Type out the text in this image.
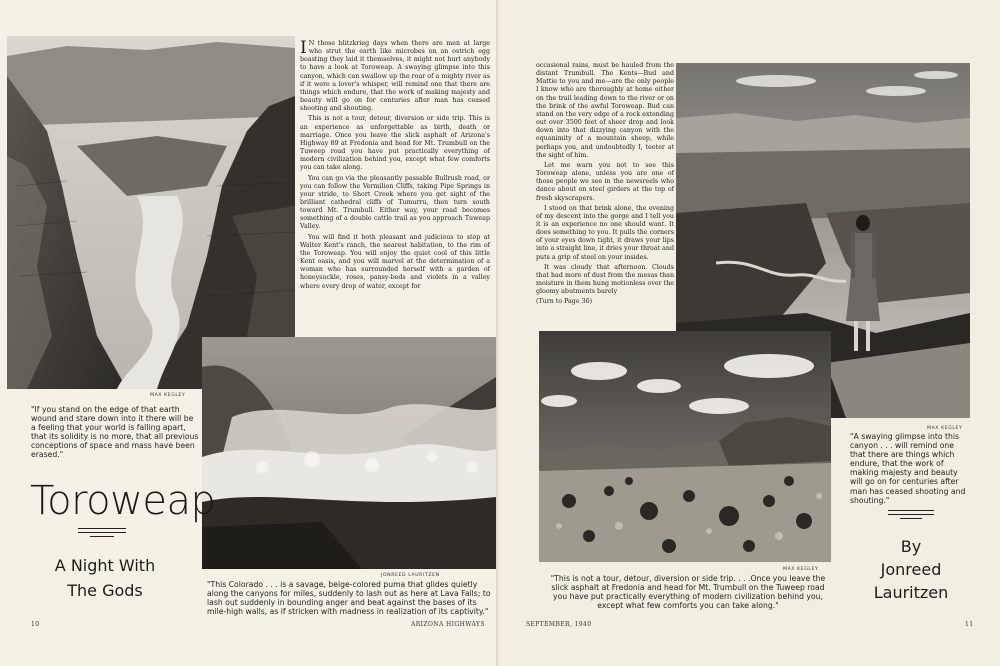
I N those blitzkrieg days when there are men at large who strut the earth like microbes on an ostrich egg boasting they laid it themselves, it might not hurt anybody to have a look at Toroweap. A swaying glimpse into this canyon, which can swallow up the roar of a mighty river as if it were a lover's whisper, will remind one that there are things which endure, that the work of making majesty and beauty will go on for centuries after man has ceased shooting and shouting.

This is not a tour, detour, diversion or side trip. This is an experience as unforgettable as birth, death or marriage. Once you leave the slick asphalt of Arizona's Highway 89 at Fredonia and head for Mt. Trumbull on the Tuweep road you have put practically everything of modern civilization behind you, except what few comforts you can take along.

You can go via the pleasantly passable Bullrush road, or you can follow the Vermilion Cliffs, taking Pipe Springs in your stride, to Short Creek where you get sight of the brilliant cathedral cliffs of Tumurru, then turn south toward Mt. Trumbull. Either way, your road becomes something of a double cattle trail as you approach Tuweap Valley.

You will find it both pleasant and judicious to stop at Walter Kent's ranch, the nearest habitation, to the rim of the Toroweap. You will enjoy the quiet cool of this little Kent oasis, and you will marvel at the determination of a woman who has surrounded herself with a garden of honeysuckle, roses, pansy-beds and violets in a valley where every drop of water, except for

MAX KEGLEY
"If you stand on the edge of that earth wound and stare down into it there will be a feeling that your world is falling apart, that its solidity is no more, that all previous conceptions of space and mass have been erased."
Toroweap
A Night With
The Gods
JONREED LAURITZEN
"This Colorado . . . is a savage, beige-colored puma that glides quietly along the canyons for miles, suddenly to lash out as here at Lava Falls; to lash out suddenly in bounding anger and beat against the bases of its mile-high walls, as if stricken with madness in realization of its captivity."
10	ARIZONA HIGHWAYS

occasional rains, must be hauled from the distant Trumbull. The Kents—Bud and Mattie to you and me—are the only people I know who are thoroughly at home either on the trail leading down to the river or on the brink of the awful Toroweap. Bud can stand on the very edge of a rock extending out over 3500 feet of sheer drop and look down into that dizzying canyon with the equanimity of a mountain sheep, while perhaps you, and undoubtedly I, teeter at the sight of him.

Let me warn you not to see this Toroweap alone, unless you are one of those people we see in the newsreels who dance about on steel girders at the top of fresh skyscrapers.

I stood on that brink alone, the evening of my descent into the gorge and I tell you it is an experience no one should want. It does something to you. It pulls the corners of your eyes down tight, it draws your lips into a straight line, it dries your throat and puts a grip of steel on your insides.

It was cloudy that afternoon. Clouds that had more of dust from the mesas than moisture in them hung motionless over the gloomy abutments barely

(Turn to Page 36)

MAX KEGLEY
"A swaying glimpse into this canyon . . . will remind one that there are things which endure, that the work of making majesty and beauty will go on for centuries after man has ceased shooting and shouting."
By
Jonreed
Lauritzen
MAX KEGLEY
"This is not a tour, detour, diversion or side trip. . . .Once you leave the slick asphalt at Fredonia and head for Mt. Trumbull on the Tuweep road you have put practically everything of modern civilization behind you, except what few comforts you can take along."
SEPTEMBER, 1940	11
